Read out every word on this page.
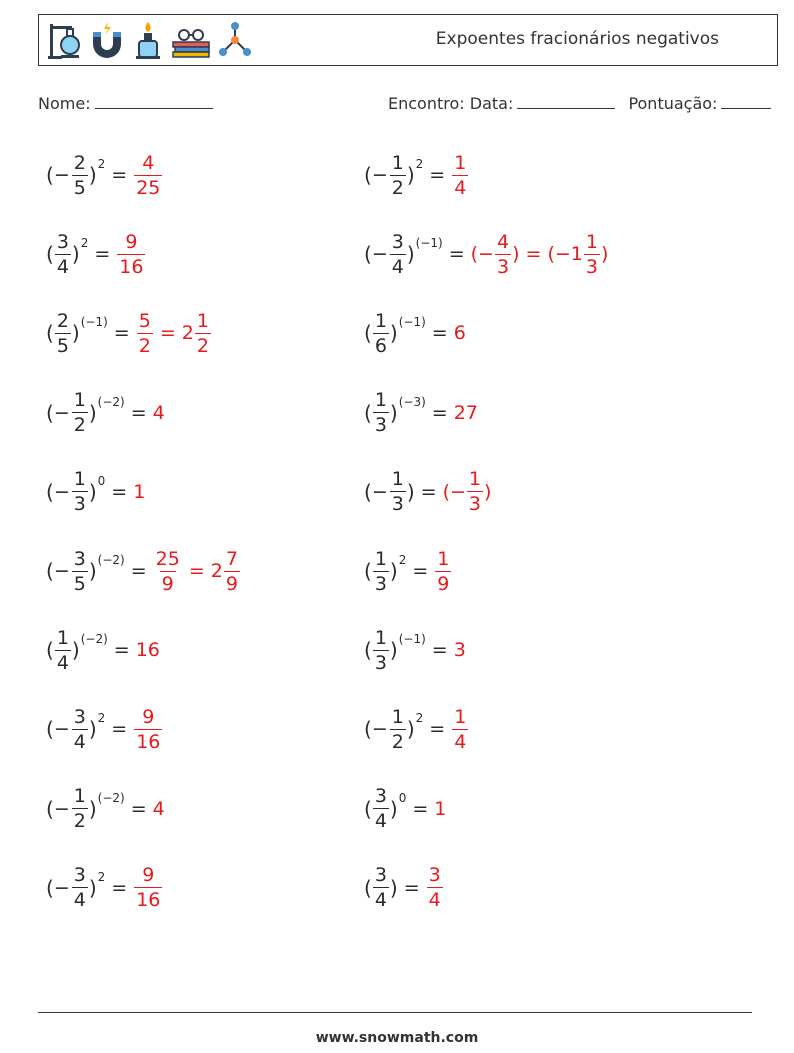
Expoentes fracionários negativos
Nome:	Encontro: Data:	Pontuação:
( − $\frac{2}{5}$ ) $2 = \frac{4}{25}$	( − $\frac{1}{2}$ ) $2 = \frac{1}{4}$
( $\frac{3}{4}$ ) $2 = \frac{9}{16}$	( − $\frac{3}{4}$ ) (−1) = (− $\frac{4}{3}$ ) = ($-1 \frac{1}{3}$ )
( $\frac{2}{5}$ ) $(-1) = \frac{5}{2} = 2 \frac{1}{2}$	( $\frac{1}{6}$ ) (−1) = 6
( − $\frac{1}{2}$ ) (−2) = 4	( $\frac{1}{3}$ ) (−3) = 27
( − $\frac{1}{3}$ ) 0 = 1	( − $\frac{1}{3}$ ) = (− $\frac{1}{3}$ )
( − $\frac{3}{5}$ ) $(-2) = \frac{25}{9} = 2 \frac{7}{9}$	( $\frac{1}{3}$ ) $2 = \frac{1}{9}$
( $\frac{1}{4}$ ) (−2) = 16	( $\frac{1}{3}$ ) (−1) = 3
( − $\frac{3}{4}$ ) $2 = \frac{9}{16}$	( − $\frac{1}{2}$ ) $2 = \frac{1}{4}$
( − $\frac{1}{2}$ ) (−2) = 4	( $\frac{3}{4}$ ) 0 = 1
( − $\frac{3}{4}$ ) $2 = \frac{9}{16}$	( $\frac{3}{4}$ ) = $\frac{3}{4}$
www.snowmath.com
